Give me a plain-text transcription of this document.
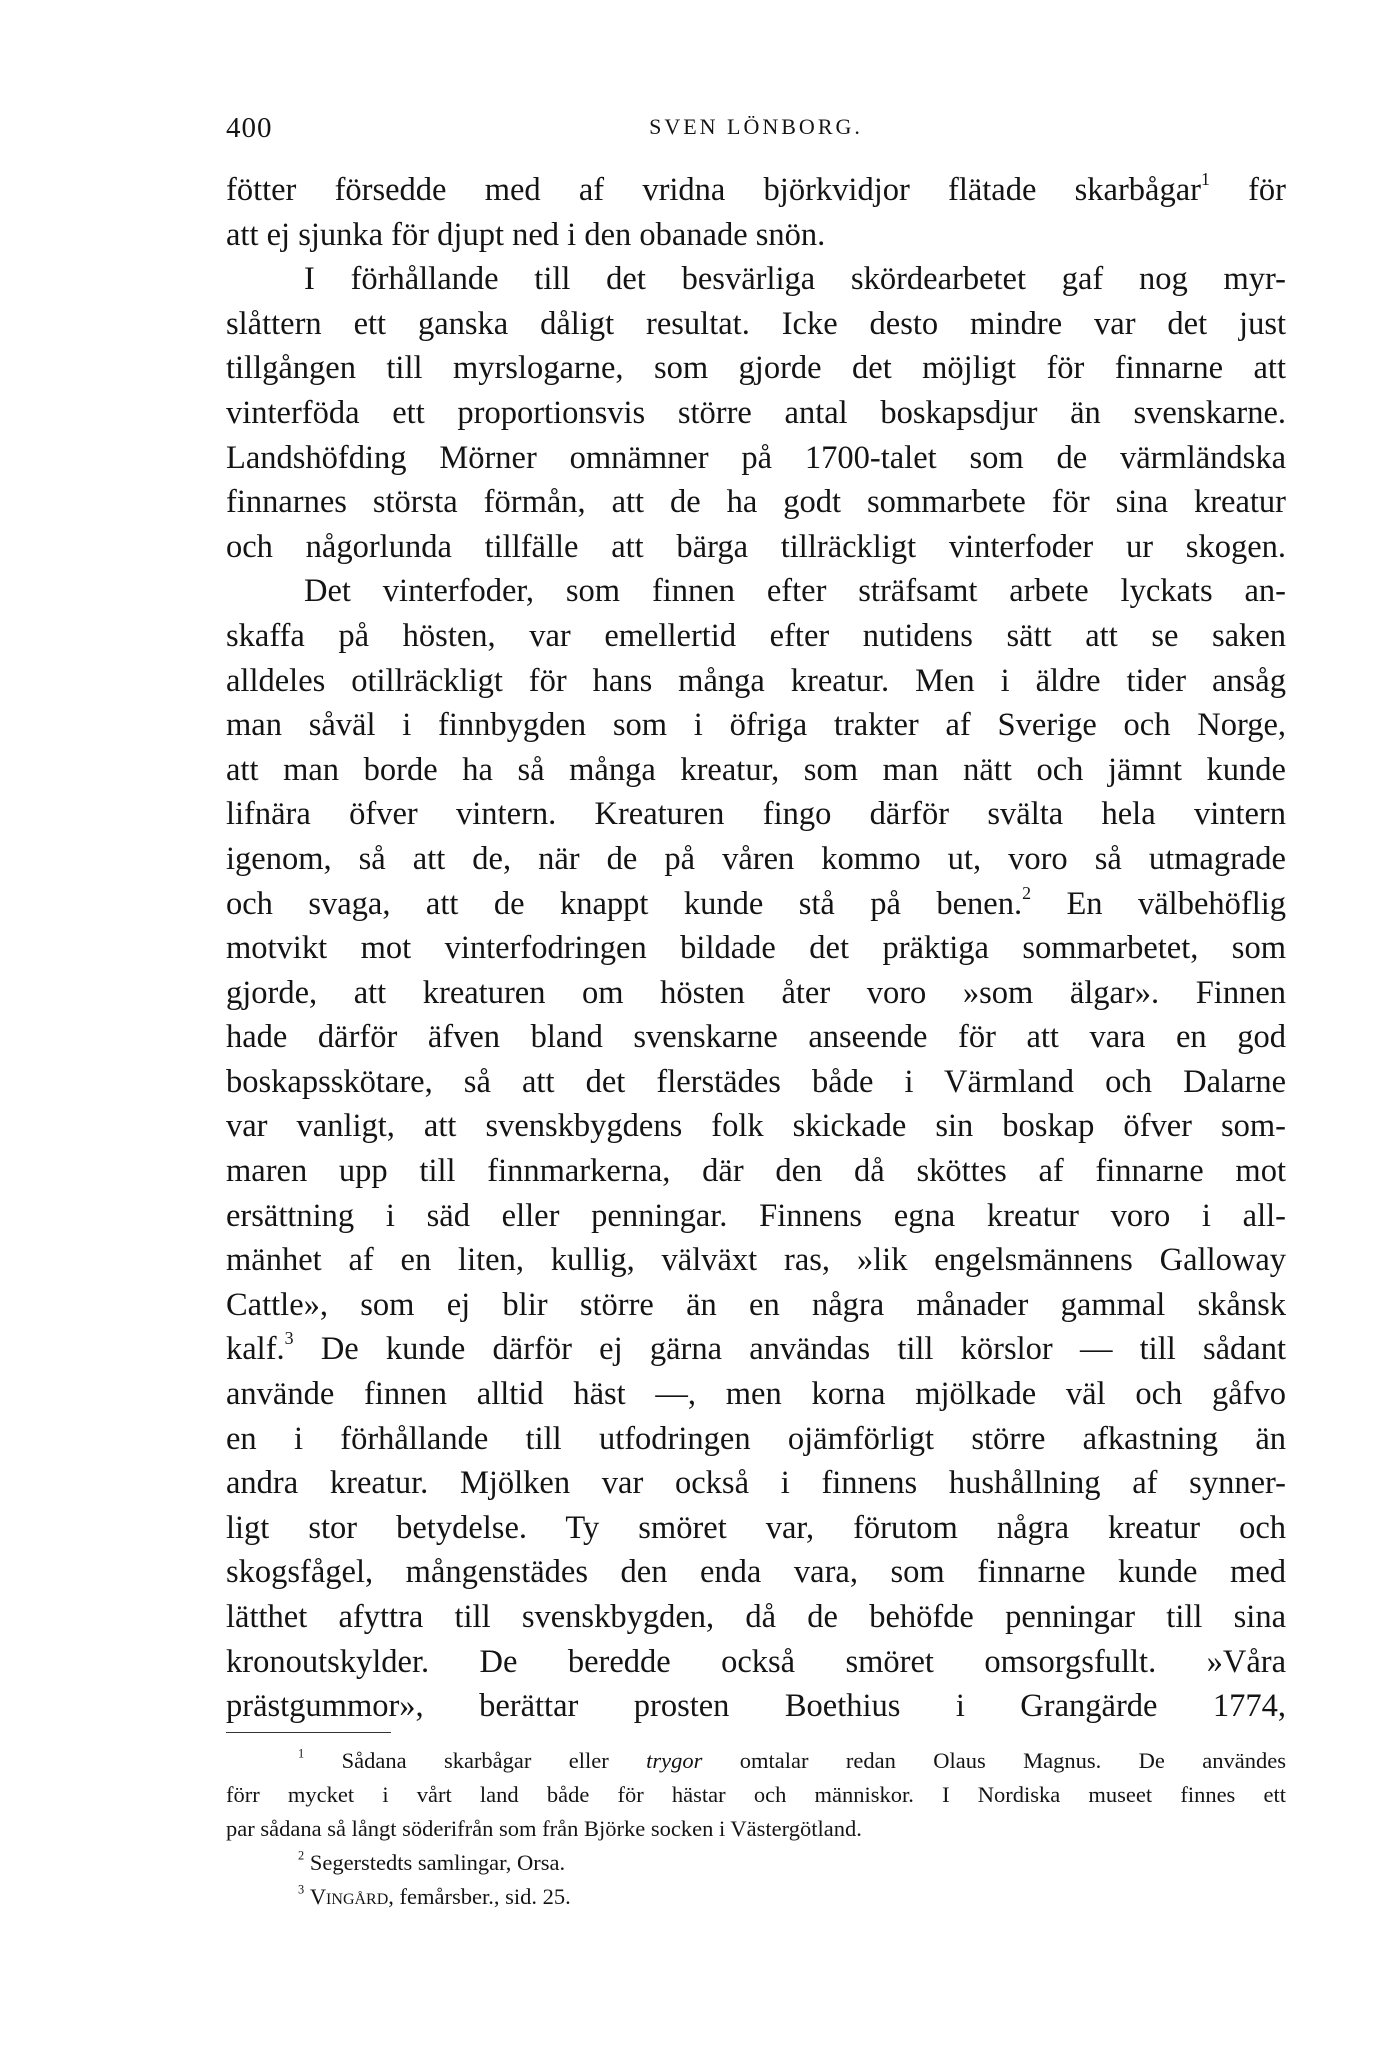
400	SVEN LÖNBORG.
fötter försedde med af vridna björkvidjor flätade skarbågar$^1$ för
att ej sjunka för djupt ned i den obanade snön.
I förhållande till det besvärliga skördearbetet gaf nog myr-
slåttern ett ganska dåligt resultat. Icke desto mindre var det just
tillgången till myrslogarne, som gjorde det möjligt för finnarne att
vinterföda ett proportionsvis större antal boskapsdjur än svenskarne.
Landshöfding Mörner omnämner på 1700-talet som de värmländska
finnarnes största förmån, att de ha godt sommarbete för sina kreatur
och någorlunda tillfälle att bärga tillräckligt vinterfoder ur skogen.
Det vinterfoder, som finnen efter sträfsamt arbete lyckats an-
skaffa på hösten, var emellertid efter nutidens sätt att se saken
alldeles otillräckligt för hans många kreatur. Men i äldre tider ansåg
man såväl i finnbygden som i öfriga trakter af Sverige och Norge,
att man borde ha så många kreatur, som man nätt och jämnt kunde
lifnära öfver vintern. Kreaturen fingo därför svälta hela vintern
igenom, så att de, när de på våren kommo ut, voro så utmagrade
och svaga, att de knappt kunde stå på benen.$^2$ En välbehöflig
motvikt mot vinterfodringen bildade det präktiga sommarbetet, som
gjorde, att kreaturen om hösten åter voro »som älgar». Finnen
hade därför äfven bland svenskarne anseende för att vara en god
boskapsskötare, så att det flerstädes både i Värmland och Dalarne
var vanligt, att svenskbygdens folk skickade sin boskap öfver som-
maren upp till finnmarkerna, där den då sköttes af finnarne mot
ersättning i säd eller penningar. Finnens egna kreatur voro i all-
mänhet af en liten, kullig, välväxt ras, »lik engelsmännens Galloway
Cattle», som ej blir större än en några månader gammal skånsk
kalf.$^3$ De kunde därför ej gärna användas till körslor — till sådant
använde finnen alltid häst —, men korna mjölkade väl och gåfvo
en i förhållande till utfodringen ojämförligt större afkastning än
andra kreatur. Mjölken var också i finnens hushållning af synner-
ligt stor betydelse. Ty smöret var, förutom några kreatur och
skogsfågel, mångenstädes den enda vara, som finnarne kunde med
lätthet afyttra till svenskbygden, då de behöfde penningar till sina
kronoutskylder. De beredde också smöret omsorgsfullt. »Våra
prästgummor», berättar prosten Boethius i Grangärde 1774,
$^1$ Sådana skarbågar eller trygor omtalar redan Olaus Magnus. De användes
förr mycket i vårt land både för hästar och människor. I Nordiska museet finnes ett
par sådana så långt söderifrån som från Björke socken i Västergötland.
$^2$ Segerstedts samlingar, Orsa.
$^3$ Vingård, femårsber., sid. 25.
